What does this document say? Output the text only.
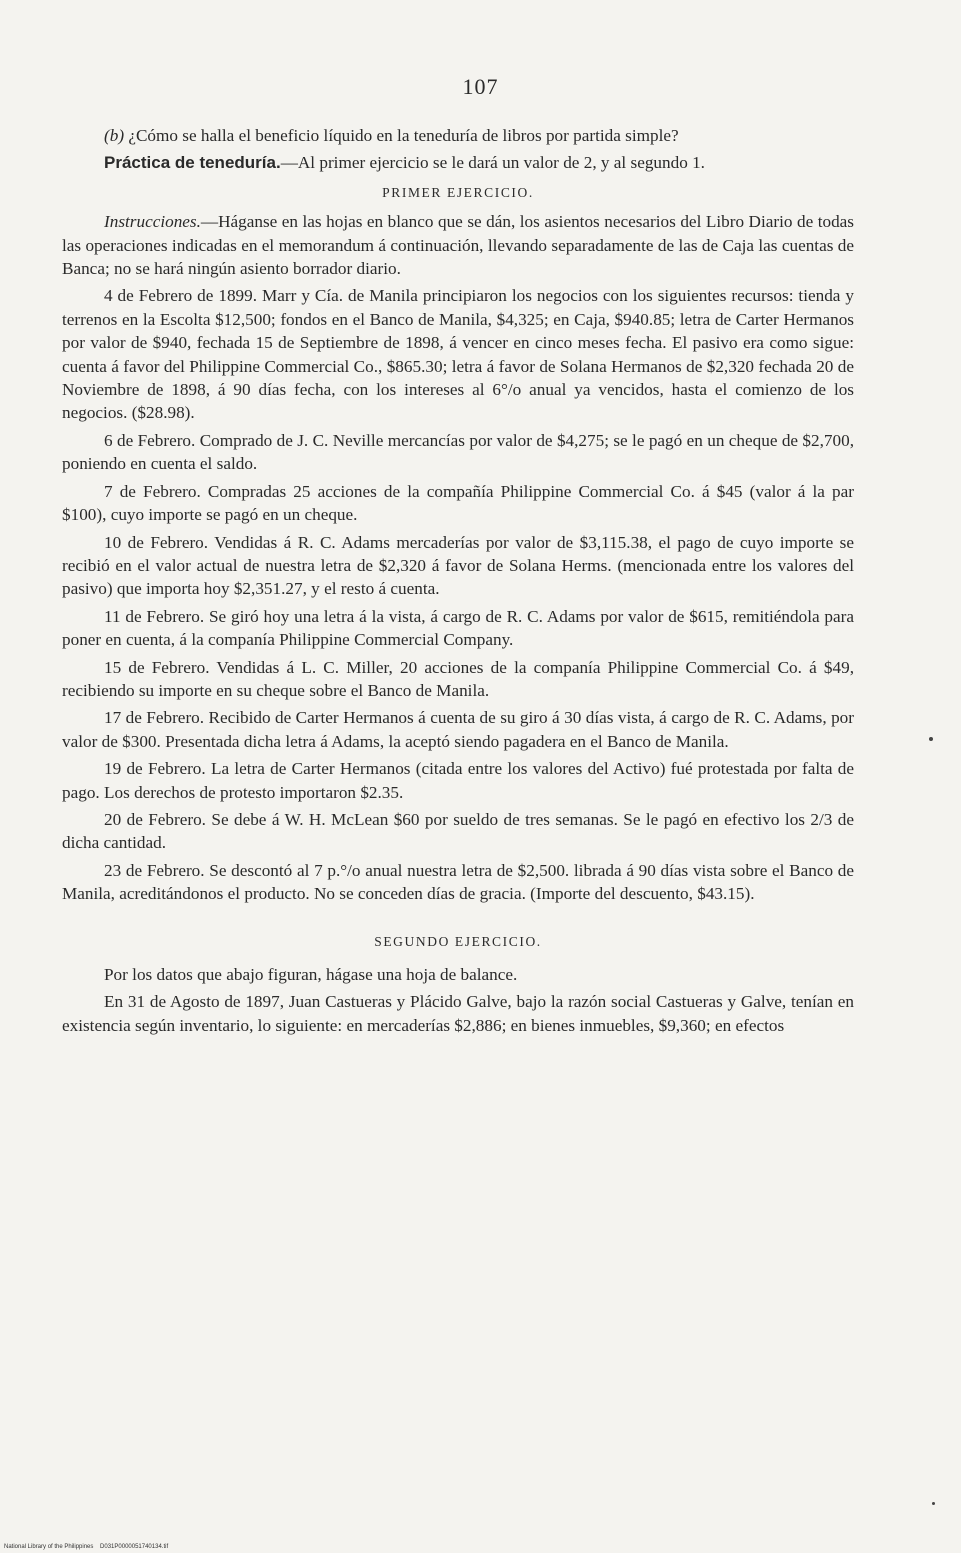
107

(b) ¿Cómo se halla el beneficio líquido en la teneduría de libros por partida simple?

Práctica de teneduría.—Al primer ejercicio se le dará un valor de 2, y al segundo 1.

PRIMER EJERCICIO.

Instrucciones.—Háganse en las hojas en blanco que se dán, los asientos necesarios del Libro Diario de todas las operaciones indicadas en el memorandum á continuación, llevando separadamente de las de Caja las cuentas de Banca; no se hará ningún asiento borrador diario.

4 de Febrero de 1899. Marr y Cía. de Manila principiaron los negocios con los siguientes recursos: tienda y terrenos en la Escolta $12,500; fondos en el Banco de Manila, $4,325; en Caja, $940.85; letra de Carter Hermanos por valor de $940, fechada 15 de Septiembre de 1898, á vencer en cinco meses fecha. El pasivo era como sigue: cuenta á favor del Philippine Commercial Co., $865.30; letra á favor de Solana Hermanos de $2,320 fechada 20 de Noviembre de 1898, á 90 días fecha, con los intereses al 6°/o anual ya vencidos, hasta el comienzo de los negocios. ($28.98).

6 de Febrero. Comprado de J. C. Neville mercancías por valor de $4,275; se le pagó en un cheque de $2,700, poniendo en cuenta el saldo.

7 de Febrero. Compradas 25 acciones de la compañía Philippine Commercial Co. á $45 (valor á la par $100), cuyo importe se pagó en un cheque.

10 de Febrero. Vendidas á R. C. Adams mercaderías por valor de $3,115.38, el pago de cuyo importe se recibió en el valor actual de nuestra letra de $2,320 á favor de Solana Herms. (mencionada entre los valores del pasivo) que importa hoy $2,351.27, y el resto á cuenta.

11 de Febrero. Se giró hoy una letra á la vista, á cargo de R. C. Adams por valor de $615, remitiéndola para poner en cuenta, á la companía Philippine Commercial Company.

15 de Febrero. Vendidas á L. C. Miller, 20 acciones de la companía Philippine Commercial Co. á $49, recibiendo su importe en su cheque sobre el Banco de Manila.

17 de Febrero. Recibido de Carter Hermanos á cuenta de su giro á 30 días vista, á cargo de R. C. Adams, por valor de $300. Presentada dicha letra á Adams, la aceptó siendo pagadera en el Banco de Manila.

19 de Febrero. La letra de Carter Hermanos (citada entre los valores del Activo) fué protestada por falta de pago. Los derechos de protesto importaron $2.35.

20 de Febrero. Se debe á W. H. McLean $60 por sueldo de tres semanas. Se le pagó en efectivo los 2/3 de dicha cantidad.

23 de Febrero. Se descontó al 7 p.°/o anual nuestra letra de $2,500. librada á 90 días vista sobre el Banco de Manila, acreditándonos el producto. No se conceden días de gracia. (Importe del descuento, $43.15).

SEGUNDO EJERCICIO.

Por los datos que abajo figuran, hágase una hoja de balance.

En 31 de Agosto de 1897, Juan Castueras y Plácido Galve, bajo la razón social Castueras y Galve, tenían en existencia según inventario, lo siguiente: en mercaderías $2,886; en bienes inmuebles, $9,360; en efectos

National Library of the Philippines    D031P0000051740134.tif
